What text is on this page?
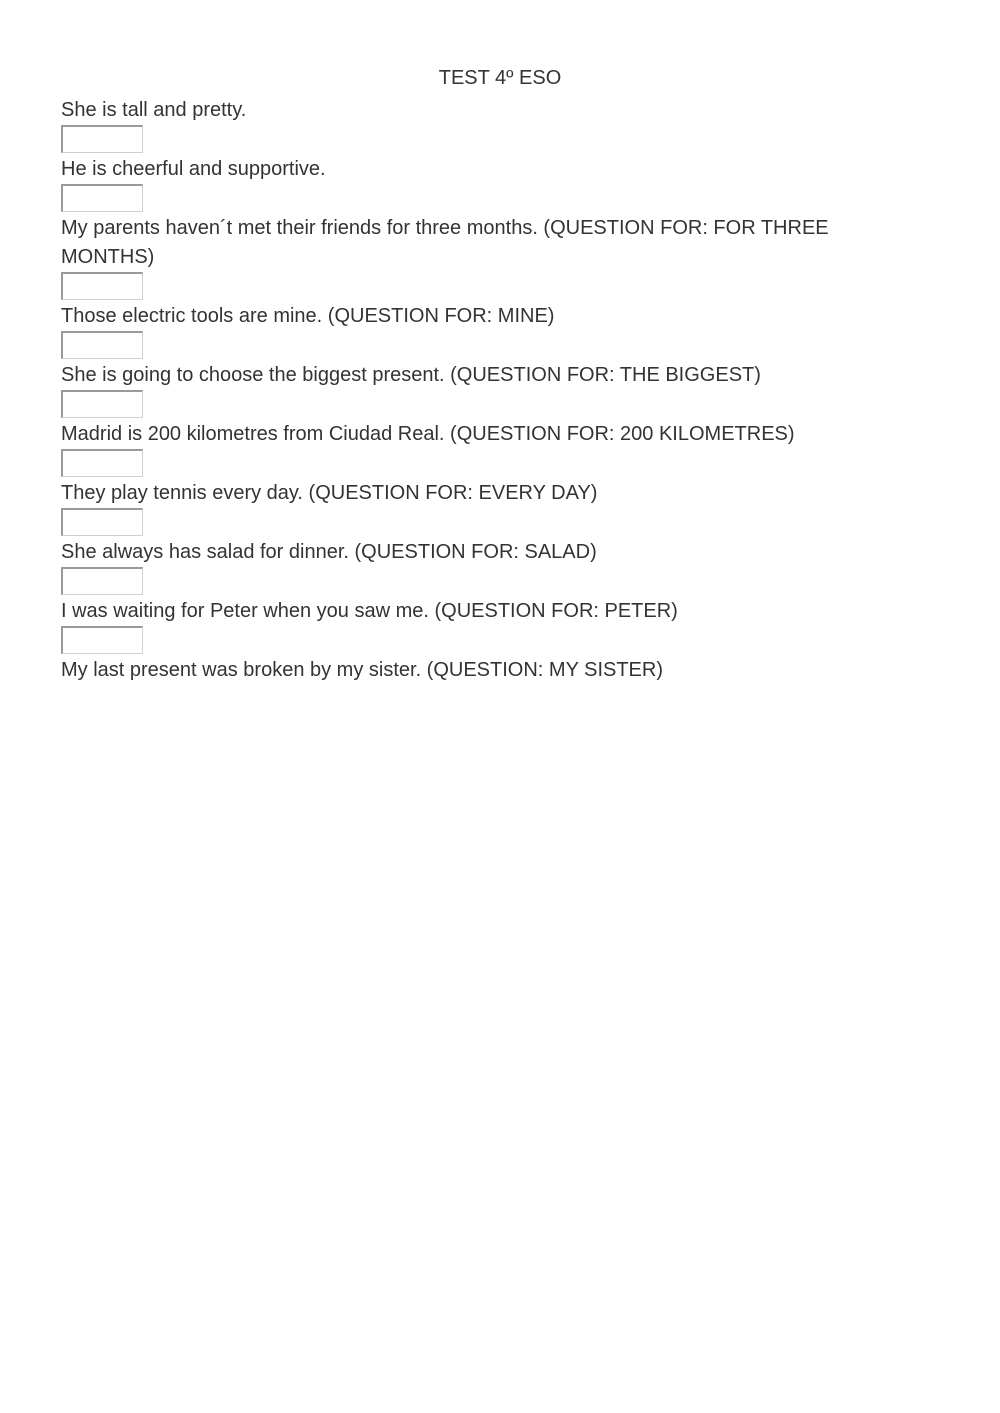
TEST 4º ESO

She is tall and pretty.

He is cheerful and supportive.

My parents haven´t met their friends for three months. (QUESTION FOR: FOR THREE MONTHS)

Those electric tools are mine. (QUESTION FOR: MINE)

She is going to choose the biggest present. (QUESTION FOR: THE BIGGEST)

Madrid is 200 kilometres from Ciudad Real. (QUESTION FOR: 200 KILOMETRES)

They play tennis every day. (QUESTION FOR: EVERY DAY)

She always has salad for dinner. (QUESTION FOR: SALAD)

I was waiting for Peter when you saw me. (QUESTION FOR: PETER)

My last present was broken by my sister. (QUESTION: MY SISTER)
